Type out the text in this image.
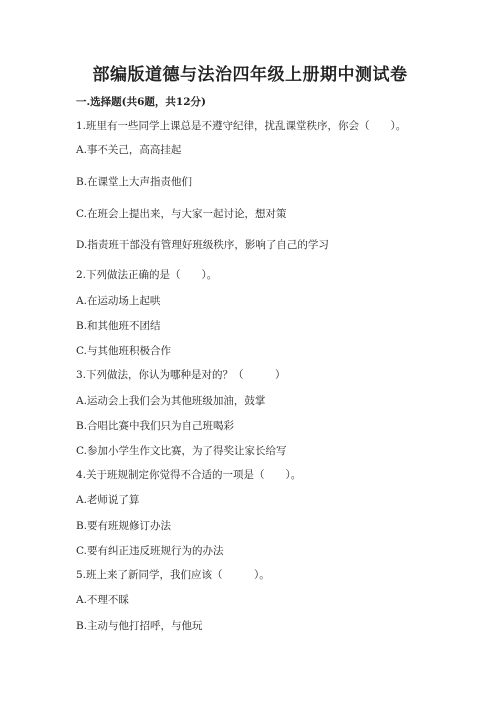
部编版道德与法治四年级上册期中测试卷
一.选择题(共6题，共12分)
1.班里有一些同学上课总是不遵守纪律，扰乱课堂秩序，你会（　　）。
A.事不关己，高高挂起
B.在课堂上大声指责他们
C.在班会上提出来，与大家一起讨论，想对策
D.指责班干部没有管理好班级秩序，影响了自己的学习
2.下列做法正确的是（　　）。
A.在运动场上起哄
B.和其他班不团结
C.与其他班积极合作
3.下列做法，你认为哪种是对的？（　　　）
A.运动会上我们会为其他班级加油，鼓掌
B.合唱比赛中我们只为自己班喝彩
C.参加小学生作文比赛，为了得奖让家长给写
4.关于班规制定你觉得不合适的一项是（　　）。
A.老师说了算
B.要有班规修订办法
C.要有纠正违反班规行为的办法
5.班上来了新同学，我们应该（　　　）。
A.不理不睬
B.主动与他打招呼，与他玩
